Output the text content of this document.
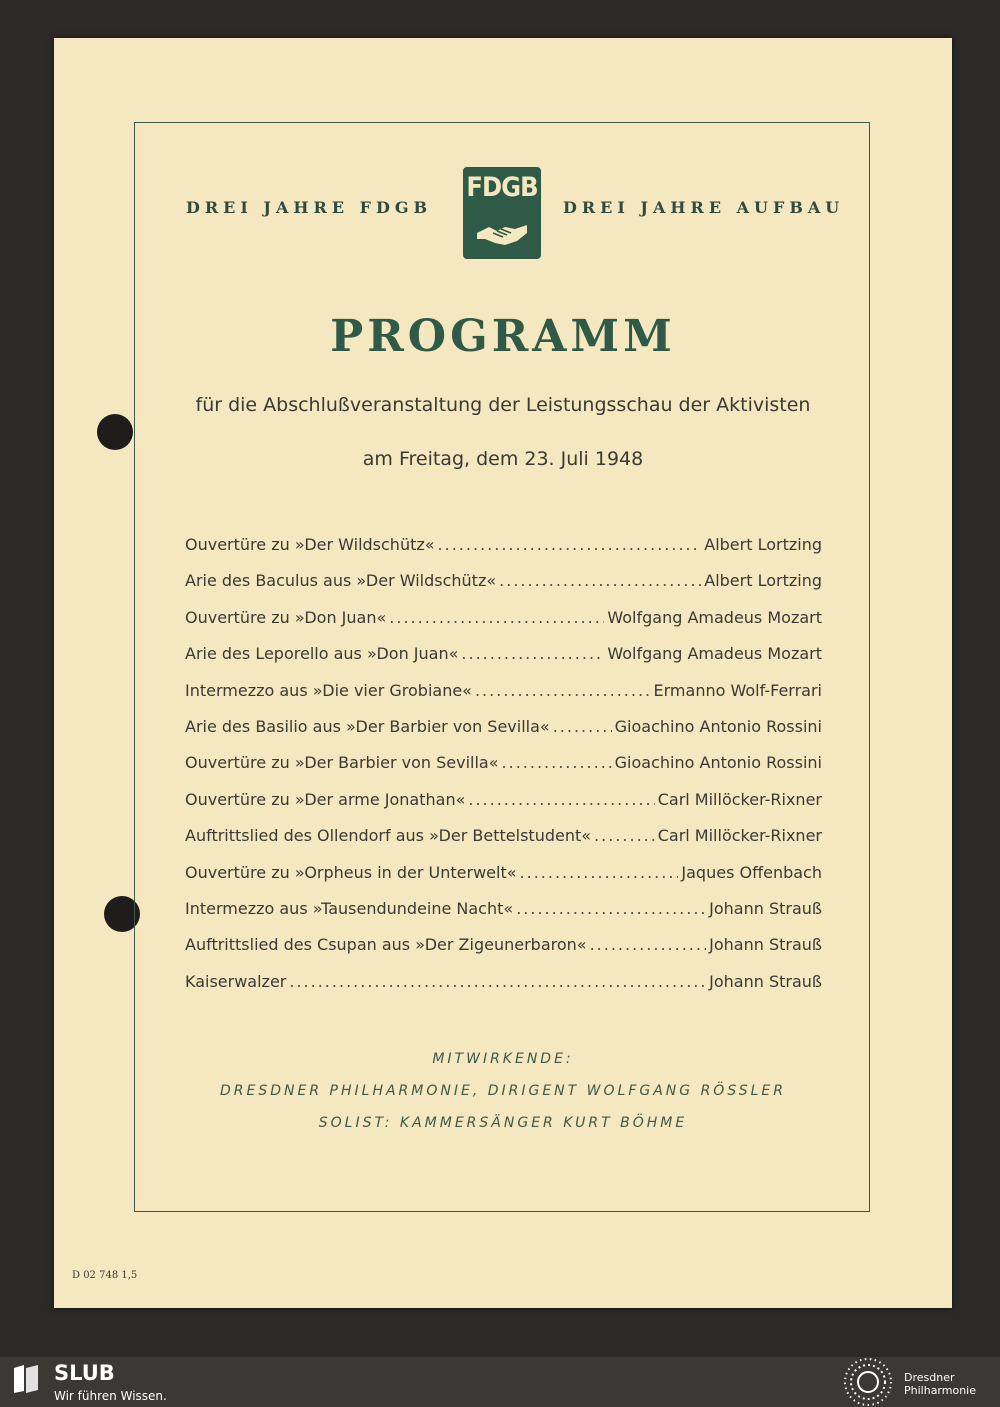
DREI JAHRE FDGB
FDGB
DREI JAHRE AUFBAU
PROGRAMM
für die Abschlußveranstaltung der Leistungsschau der Aktivisten
am Freitag, dem 23. Juli 1948
Ouvertüre zu »Der Wildschütz« .....	Albert Lortzing
Arie des Baculus aus »Der Wildschütz« .....	Albert Lortzing
Ouvertüre zu »Don Juan« .....	Wolfgang Amadeus Mozart
Arie des Leporello aus »Don Juan« .....	Wolfgang Amadeus Mozart
Intermezzo aus »Die vier Grobiane« .....	Ermanno Wolf-Ferrari
Arie des Basilio aus »Der Barbier von Sevilla« .....	Gioachino Antonio Rossini
Ouvertüre zu »Der Barbier von Sevilla« .....	Gioachino Antonio Rossini
Ouvertüre zu »Der arme Jonathan« .....	Carl Millöcker-Rixner
Auftrittslied des Ollendorf aus »Der Bettelstudent« .....	Carl Millöcker-Rixner
Ouvertüre zu »Orpheus in der Unterwelt« .....	Jaques Offenbach
Intermezzo aus »Tausendundeine Nacht« .....	Johann Strauß
Auftrittslied des Csupan aus »Der Zigeunerbaron« .....	Johann Strauß
Kaiserwalzer .....	Johann Strauß
MITWIRKENDE:
DRESDNER PHILHARMONIE, DIRIGENT WOLFGANG RÖSSLER
SOLIST: KAMMERSÄNGER KURT BÖHME
D 02 748 1,5
SLUB
Wir führen Wissen.
Dresdner
Philharmonie
